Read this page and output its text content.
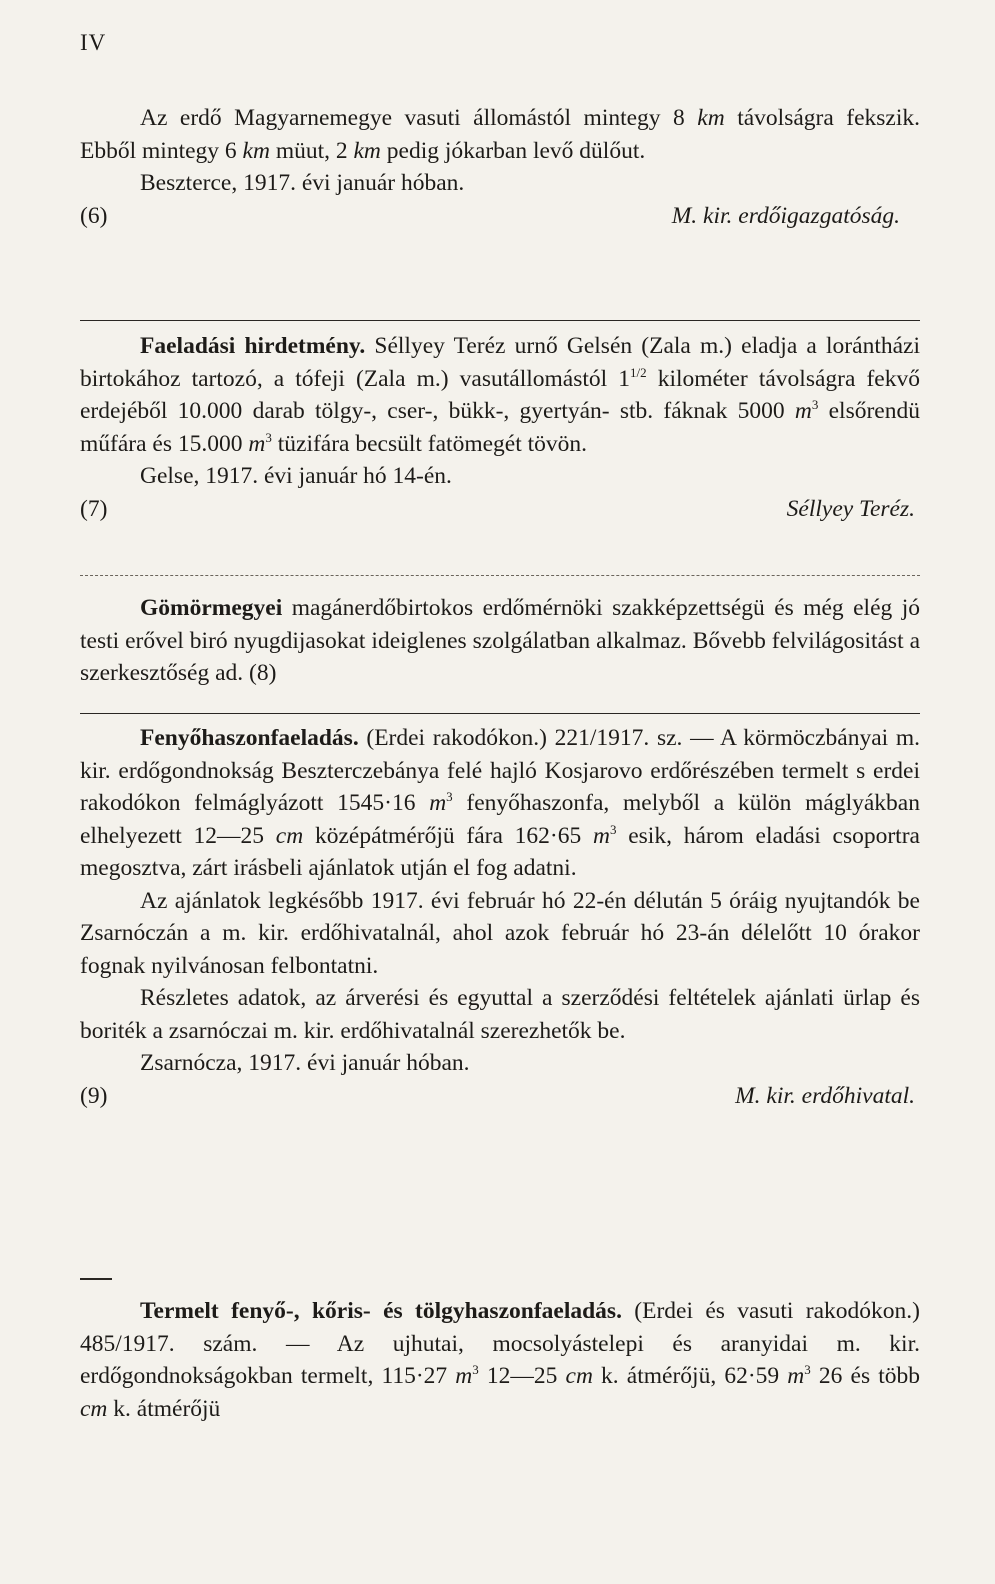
IV

Az erdő Magyarnemegye vasuti állomástól mintegy 8 km távolságra fekszik. Ebből mintegy 6 km müut, 2 km pedig jókarban levő dülőut.

Beszterce, 1917. évi január hóban.

(6)	M. kir. erdőigazgatóság.

Faeladási hirdetmény. Séllyey Teréz urnő Gelsén (Zala m.) eladja a lorántházi birtokához tartozó, a tófeji (Zala m.) vasutállomástól $1^{1/2}$ kilométer távolságra fekvő erdejéből 10.000 darab tölgy-, cser-, bükk-, gyertyán- stb. fáknak 5000 $m^3$ elsőrendü műfára és 15.000 $m^3$ tüzifára becsült fatömegét tövön.

Gelse, 1917. évi január hó 14-én.

(7)	Séllyey Teréz.

Gömörmegyei magánerdőbirtokos erdőmérnöki szakképzettségü és még elég jó testi erővel biró nyugdijasokat ideiglenes szolgálatban alkalmaz. Bővebb felvilágositást a szerkesztőség ad. (8)

Fenyőhaszonfaeladás. (Erdei rakodókon.) 221/1917. sz. — A körmöczbányai m. kir. erdőgondnokság Beszterczebánya felé hajló Kosjarovo erdőrészében termelt s erdei rakodókon felmáglyázott 1545·16 $m^3$ fenyőhaszonfa, melyből a külön máglyákban elhelyezett 12—25 cm középátmérőjü fára 162·65 $m^3$ esik, három eladási csoportra megosztva, zárt irásbeli ajánlatok utján el fog adatni.

Az ajánlatok legkésőbb 1917. évi február hó 22-én délután 5 óráig nyujtandók be Zsarnóczán a m. kir. erdőhivatalnál, ahol azok február hó 23-án délelőtt 10 órakor fognak nyilvánosan felbontatni.

Részletes adatok, az árverési és egyuttal a szerződési feltételek ajánlati ürlap és boriték a zsarnóczai m. kir. erdőhivatalnál szerezhetők be.

Zsarnócza, 1917. évi január hóban.

(9)	M. kir. erdőhivatal.

Termelt fenyő-, kőris- és tölgyhaszonfaeladás. (Erdei és vasuti rakodókon.) 485/1917. szám. — Az ujhutai, mocsolyástelepi és aranyidai m. kir. erdőgondnokságokban termelt, 115·27 $m^3$ 12—25 cm k. átmérőjü, 62·59 $m^3$ 26 és több cm k. átmérőjü
